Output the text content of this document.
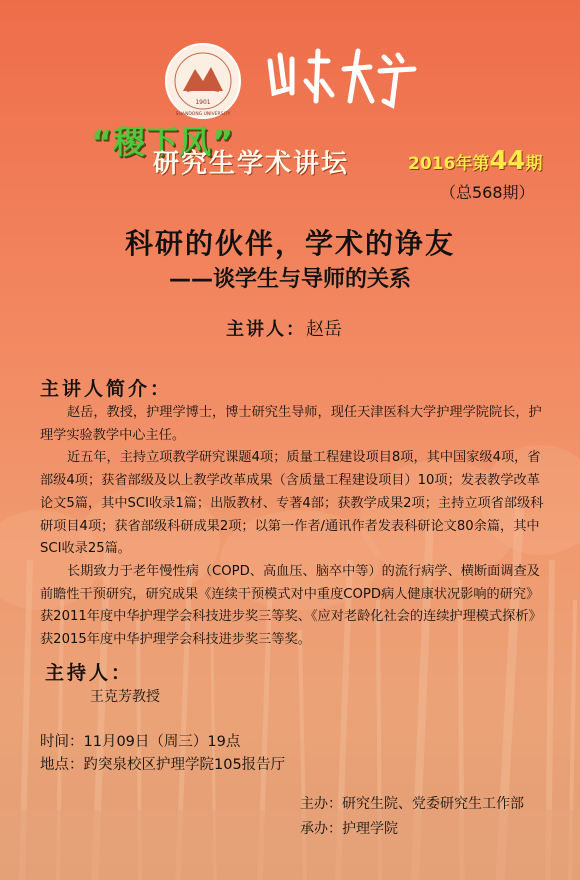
1901
SHANDONG UNIVERSITY
“稷下风”
研究生学术讲坛	2016年第44期
（总568期）
科研的伙伴，学术的诤友
——谈学生与导师的关系
主讲人：赵岳
主讲人简介：

赵岳，教授，护理学博士，博士研究生导师，现任天津医科大学护理学院院长，护理学实验教学中心主任。

近五年，主持立项教学研究课题4项；质量工程建设项目8项，其中国家级4项，省部级4项；获省部级及以上教学改革成果（含质量工程建设项目）10项；发表教学改革论文5篇，其中SCI收录1篇；出版教材、专著4部；获教学成果2项；主持立项省部级科研项目4项；获省部级科研成果2项；以第一作者/通讯作者发表科研论文80余篇，其中SCI收录25篇。

长期致力于老年慢性病（COPD、高血压、脑卒中等）的流行病学、横断面调查及前瞻性干预研究，研究成果《连续干预模式对中重度COPD病人健康状况影响的研究》获2011年度中华护理学会科技进步奖三等奖、《应对老龄化社会的连续护理模式探析》获2015年度中华护理学会科技进步奖三等奖。

主持人：
王克芳教授
时间：11月09日（周三）19点
地点：趵突泉校区护理学院105报告厅
主办：研究生院、党委研究生工作部
承办：护理学院
